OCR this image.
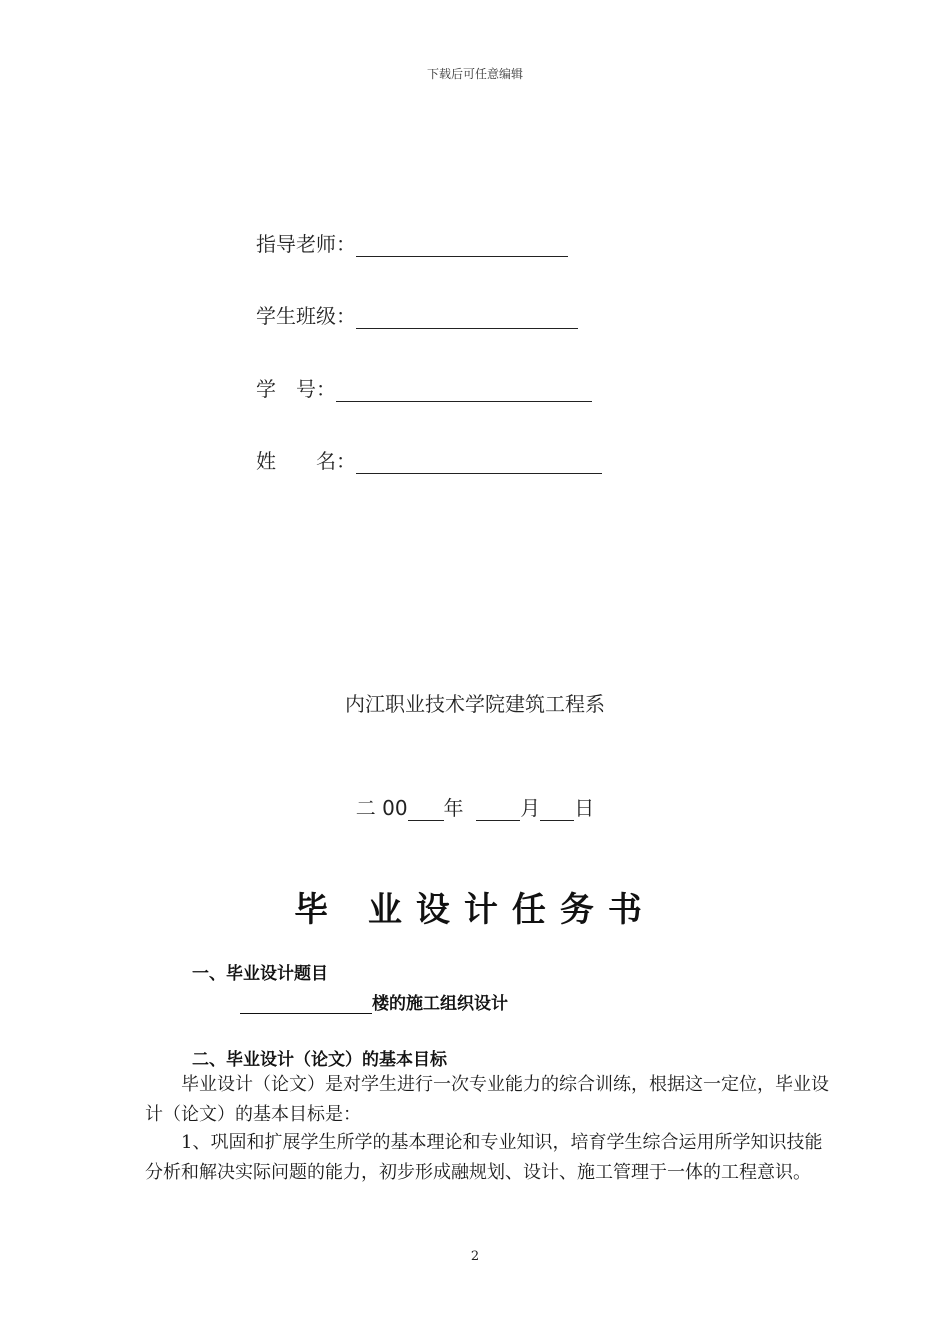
下载后可任意编辑
指导老师：
学生班级：
学　号：
姓　　名：
内江职业技术学院建筑工程系
二 00 年	月 日
毕 业设计任务书
一、毕业设计题目
楼的施工组织设计
二、毕业设计（论文）的基本目标
毕业设计（论文）是对学生进行一次专业能力的综合训练，根据这一定位，毕业设计（论文）的基本目标是：
1、巩固和扩展学生所学的基本理论和专业知识，培育学生综合运用所学知识技能分析和解决实际问题的能力，初步形成融规划、设计、施工管理于一体的工程意识。
2
